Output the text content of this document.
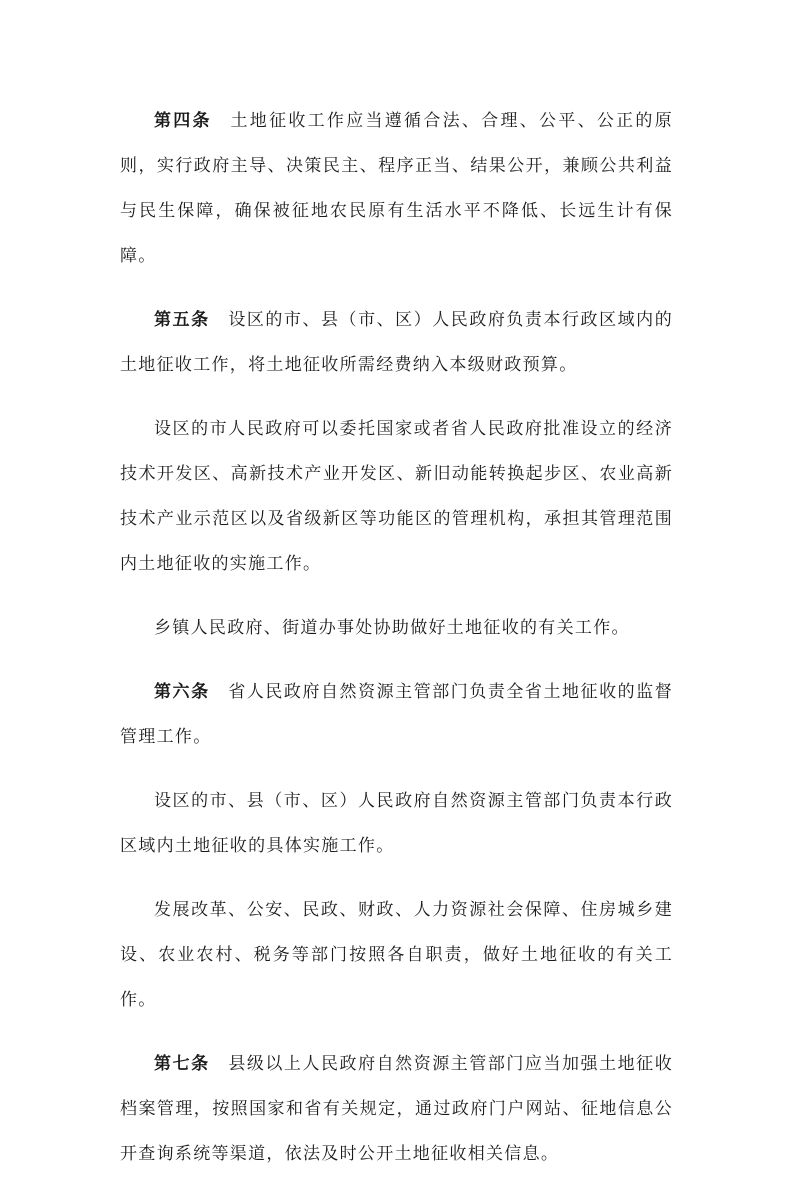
第四条 土地征收工作应当遵循合法、合理、公平、公正的原则，实行政府主导、决策民主、程序正当、结果公开，兼顾公共利益与民生保障，确保被征地农民原有生活水平不降低、长远生计有保障。

第五条 设区的市、县（市、区）人民政府负责本行政区域内的土地征收工作，将土地征收所需经费纳入本级财政预算。

设区的市人民政府可以委托国家或者省人民政府批准设立的经济技术开发区、高新技术产业开发区、新旧动能转换起步区、农业高新技术产业示范区以及省级新区等功能区的管理机构，承担其管理范围内土地征收的实施工作。

乡镇人民政府、街道办事处协助做好土地征收的有关工作。

第六条 省人民政府自然资源主管部门负责全省土地征收的监督管理工作。

设区的市、县（市、区）人民政府自然资源主管部门负责本行政区域内土地征收的具体实施工作。

发展改革、公安、民政、财政、人力资源社会保障、住房城乡建设、农业农村、税务等部门按照各自职责，做好土地征收的有关工作。

第七条 县级以上人民政府自然资源主管部门应当加强土地征收档案管理，按照国家和省有关规定，通过政府门户网站、征地信息公开查询系统等渠道，依法及时公开土地征收相关信息。
